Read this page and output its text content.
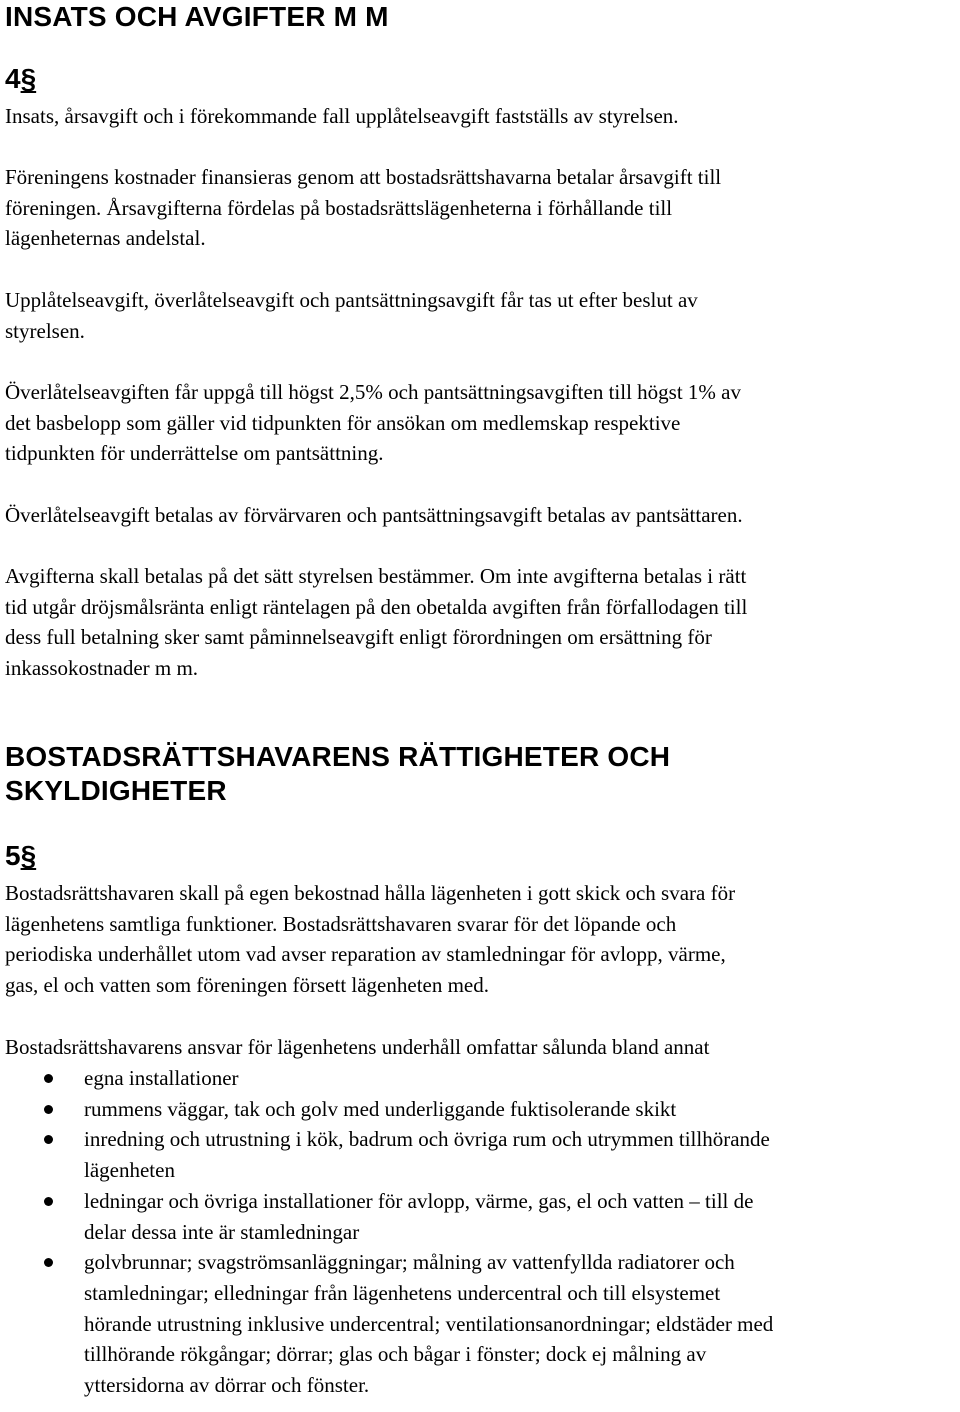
INSATS OCH AVGIFTER M M
4§
Insats, årsavgift och i förekommande fall upplåtelseavgift fastställs av styrelsen.
Föreningens kostnader finansieras genom att bostadsrättshavarna betalar årsavgift till
föreningen. Årsavgifterna fördelas på bostadsrättslägenheterna i förhållande till
lägenheternas andelstal.
Upplåtelseavgift, överlåtelseavgift och pantsättningsavgift får tas ut efter beslut av
styrelsen.
Överlåtelseavgiften får uppgå till högst 2,5% och pantsättningsavgiften till högst 1% av
det basbelopp som gäller vid tidpunkten för ansökan om medlemskap respektive
tidpunkten för underrättelse om pantsättning.
Överlåtelseavgift betalas av förvärvaren och pantsättningsavgift betalas av pantsättaren.
Avgifterna skall betalas på det sätt styrelsen bestämmer. Om inte avgifterna betalas i rätt
tid utgår dröjsmålsränta enligt räntelagen på den obetalda avgiften från förfallodagen till
dess full betalning sker samt påminnelseavgift enligt förordningen om ersättning för
inkassokostnader m m.
BOSTADSRÄTTSHAVARENS RÄTTIGHETER OCH
SKYLDIGHETER
5§
Bostadsrättshavaren skall på egen bekostnad hålla lägenheten i gott skick och svara för
lägenhetens samtliga funktioner. Bostadsrättshavaren svarar för det löpande och
periodiska underhållet utom vad avser reparation av stamledningar för avlopp, värme,
gas, el och vatten som föreningen försett lägenheten med.
Bostadsrättshavarens ansvar för lägenhetens underhåll omfattar sålunda bland annat
egna installationer
rummens väggar, tak och golv med underliggande fuktisolerande skikt
inredning och utrustning i kök, badrum och övriga rum och utrymmen tillhörande
lägenheten
ledningar och övriga installationer för avlopp, värme, gas, el och vatten – till de
delar dessa inte är stamledningar
golvbrunnar; svagströmsanläggningar; målning av vattenfyllda radiatorer och
stamledningar; elledningar från lägenhetens undercentral och till elsystemet
hörande utrustning inklusive undercentral; ventilationsanordningar; eldstäder med
tillhörande rökgångar; dörrar; glas och bågar i fönster; dock ej målning av
yttersidorna av dörrar och fönster.
